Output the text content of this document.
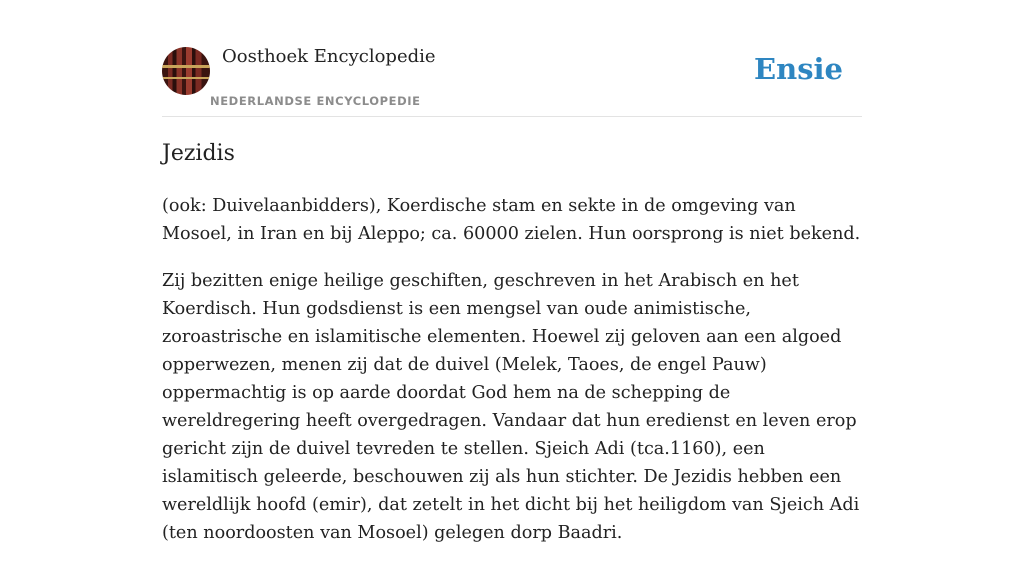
Oosthoek Encyclopedie
NEDERLANDSE ENCYCLOPEDIE
Ensie
Jezidis

(ook: Duivelaanbidders), Koerdische stam en sekte in de omgeving van Mosoel, in Iran en bij Aleppo; ca. 60000 zielen. Hun oorsprong is niet bekend.

Zij bezitten enige heilige geschiften, geschreven in het Arabisch en het Koerdisch. Hun godsdienst is een mengsel van oude animistische, zoroastrische en islamitische elementen. Hoewel zij geloven aan een algoed opperwezen, menen zij dat de duivel (Melek, Taoes, de engel Pauw) oppermachtig is op aarde doordat God hem na de schepping de wereldregering heeft overgedragen. Vandaar dat hun eredienst en leven erop gericht zijn de duivel tevreden te stellen. Sjeich Adi (tca.1160), een islamitisch geleerde, beschouwen zij als hun stichter. De Jezidis hebben een wereldlijk hoofd (emir), dat zetelt in het dicht bij het heiligdom van Sjeich Adi (ten noordoosten van Mosoel) gelegen dorp Baadri.
